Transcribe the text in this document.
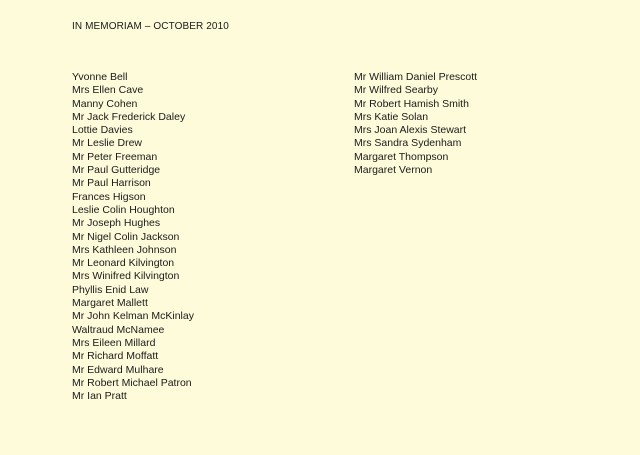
IN MEMORIAM – OCTOBER 2010
Yvonne Bell
Mrs Ellen Cave
Manny Cohen
Mr Jack Frederick Daley
Lottie Davies
Mr Leslie Drew
Mr Peter Freeman
Mr Paul Gutteridge
Mr Paul Harrison
Frances Higson
Leslie Colin Houghton
Mr Joseph Hughes
Mr Nigel Colin Jackson
Mrs Kathleen Johnson
Mr Leonard Kilvington
Mrs Winifred Kilvington
Phyllis Enid Law
Margaret Mallett
Mr John Kelman McKinlay
Waltraud McNamee
Mrs Eileen Millard
Mr Richard Moffatt
Mr Edward Mulhare
Mr Robert Michael Patron
Mr Ian Pratt
Mr William Daniel Prescott
Mr Wilfred Searby
Mr Robert Hamish Smith
Mrs Katie Solan
Mrs Joan Alexis Stewart
Mrs Sandra Sydenham
Margaret Thompson
Margaret Vernon
